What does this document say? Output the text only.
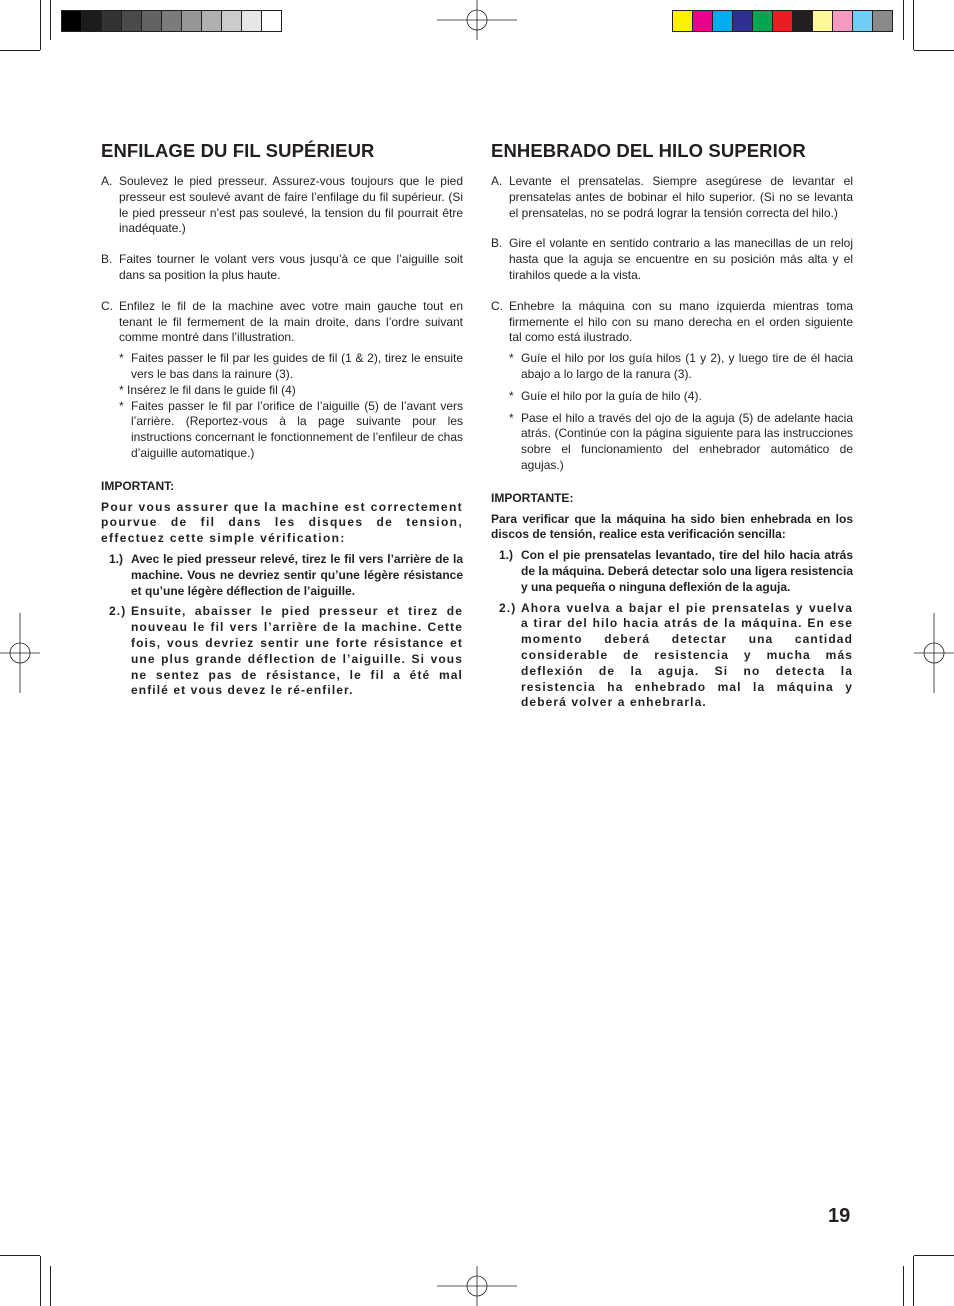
ENFILAGE DU FIL SUPÉRIEUR
A. Soulevez le pied presseur. Assurez-vous toujours que le pied presseur est soulevé avant de faire l’enfilage du fil supérieur. (Si le pied presseur n’est pas soulevé, la tension du fil pourrait être inadéquate.)
B. Faites tourner le volant vers vous jusqu’à ce que l’aiguille soit dans sa position la plus haute.
C. Enfilez le fil de la machine avec votre main gauche tout en tenant le fil fermement de la main droite, dans l’ordre suivant comme montré dans l’illustration.
* Faites passer le fil par les guides de fil (1 & 2), tirez le ensuite vers le bas dans la rainure (3).
* Insérez le fil dans le guide fil (4)
* Faites passer le fil par l’orifice de l’aiguille (5) de l’avant vers l’arrière. (Reportez-vous à la page suivante pour les instructions concernant le fonctionnement de l’enfileur de chas d’aiguille automatique.)
IMPORTANT:
Pour vous assurer que la machine est correctement pourvue de fil dans les disques de tension, effectuez cette simple vérification:
1.) Avec le pied presseur relevé, tirez le fil vers l’arrière de la machine. Vous ne devriez sentir qu’une légère résistance et qu’une légère déflection de l’aiguille.
2.) Ensuite, abaisser le pied presseur et tirez de nouveau le fil vers l’arrière de la machine. Cette fois, vous devriez sentir une forte résistance et une plus grande déflection de l’aiguille. Si vous ne sentez pas de résistance, le fil a été mal enfilé et vous devez le ré-enfiler.
ENHEBRADO DEL HILO SUPERIOR
A. Levante el prensatelas. Siempre asegúrese de levantar el prensatelas antes de bobinar el hilo superior. (Si no se levanta el prensatelas, no se podrá lograr la tensión correcta del hilo.)
B. Gire el volante en sentido contrario a las manecillas de un reloj hasta que la aguja se encuentre en su posición más alta y el tirahilos quede a la vista.
C. Enhebre la máquina con su mano izquierda mientras toma firmemente el hilo con su mano derecha en el orden siguiente tal como está ilustrado.
* Guíe el hilo por los guía hilos (1 y 2), y luego tire de él hacia abajo a lo largo de la ranura (3).
* Guíe el hilo por la guía de hilo (4).
* Pase el hilo a través del ojo de la aguja (5) de adelante hacia atrás. (Continúe con la página siguiente para las instrucciones sobre el funcionamiento del enhebrador automático de agujas.)
IMPORTANTE:
Para verificar que la máquina ha sido bien enhebrada en los discos de tensión, realice esta verificación sencilla:
1.) Con el pie prensatelas levantado, tire del hilo hacia atrás de la máquina. Deberá detectar solo una ligera resistencia y una pequeña o ninguna deflexión de la aguja.
2.) Ahora vuelva a bajar el pie prensatelas y vuelva a tirar del hilo hacia atrás de la máquina. En ese momento deberá detectar una cantidad considerable de resistencia y mucha más deflexión de la aguja. Si no detecta la resistencia ha enhebrado mal la máquina y deberá volver a enhebrarla.
19
